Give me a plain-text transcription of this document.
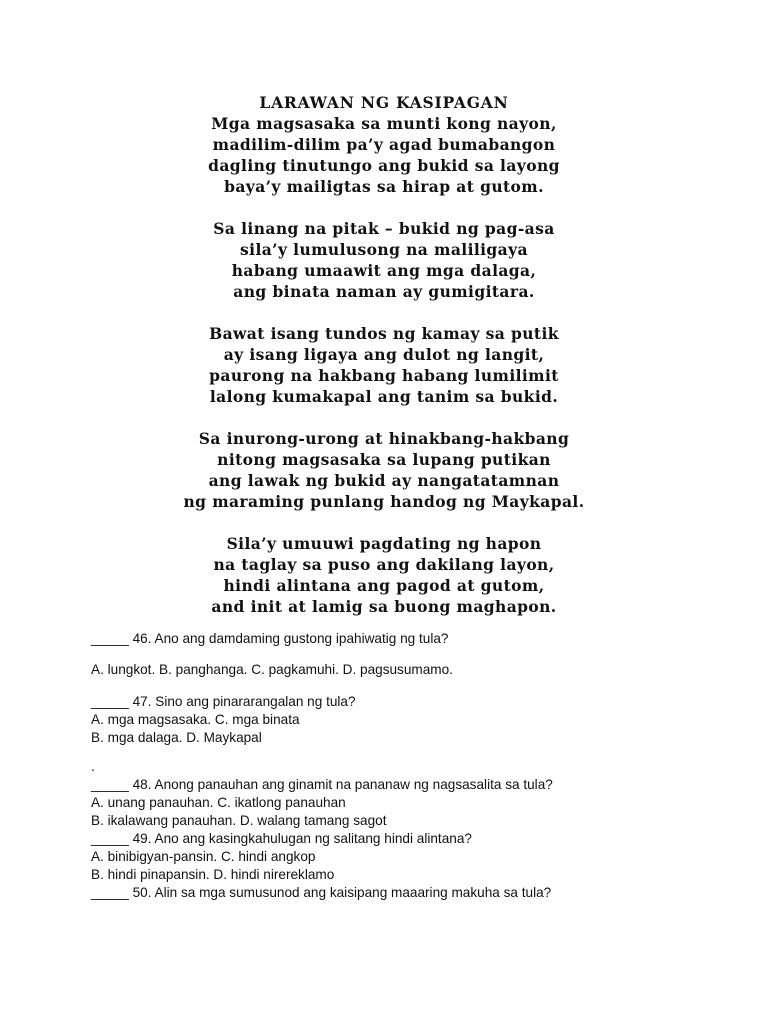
LARAWAN NG KASIPAGAN
Mga magsasaka sa munti kong nayon,
madilim-dilim pa’y agad bumabangon
dagling tinutungo ang bukid sa layong
baya’y mailigtas sa hirap at gutom.
Sa linang na pitak – bukid ng pag-asa
sila’y lumulusong na maliligaya
habang umaawit ang mga dalaga,
ang binata naman ay gumigitara.
Bawat isang tundos ng kamay sa putik
ay isang ligaya ang dulot ng langit,
paurong na hakbang habang lumilimit
lalong kumakapal ang tanim sa bukid.
Sa inurong-urong at hinakbang-hakbang
nitong magsasaka sa lupang putikan
ang lawak ng bukid ay nangatatamnan
ng maraming punlang handog ng Maykapal.
Sila’y umuuwi pagdating ng hapon
na taglay sa puso ang dakilang layon,
hindi alintana ang pagod at gutom,
and init at lamig sa buong maghapon.
_____ 46. Ano ang damdaming gustong ipahiwatig ng tula?
A. lungkot. B. panghanga. C. pagkamuhi. D. pagsusumamo.
_____ 47. Sino ang pinararangalan ng tula?
A. mga magsasaka. C. mga binata
B. mga dalaga. D. Maykapal
.
_____ 48. Anong panauhan ang ginamit na pananaw ng nagsasalita sa tula?
A. unang panauhan. C. ikatlong panauhan
B. ikalawang panauhan. D. walang tamang sagot
_____ 49. Ano ang kasingkahulugan ng salitang hindi alintana?
A. binibigyan-pansin. C. hindi angkop
B. hindi pinapansin. D. hindi nirereklamo
_____ 50. Alin sa mga sumusunod ang kaisipang maaaring makuha sa tula?
